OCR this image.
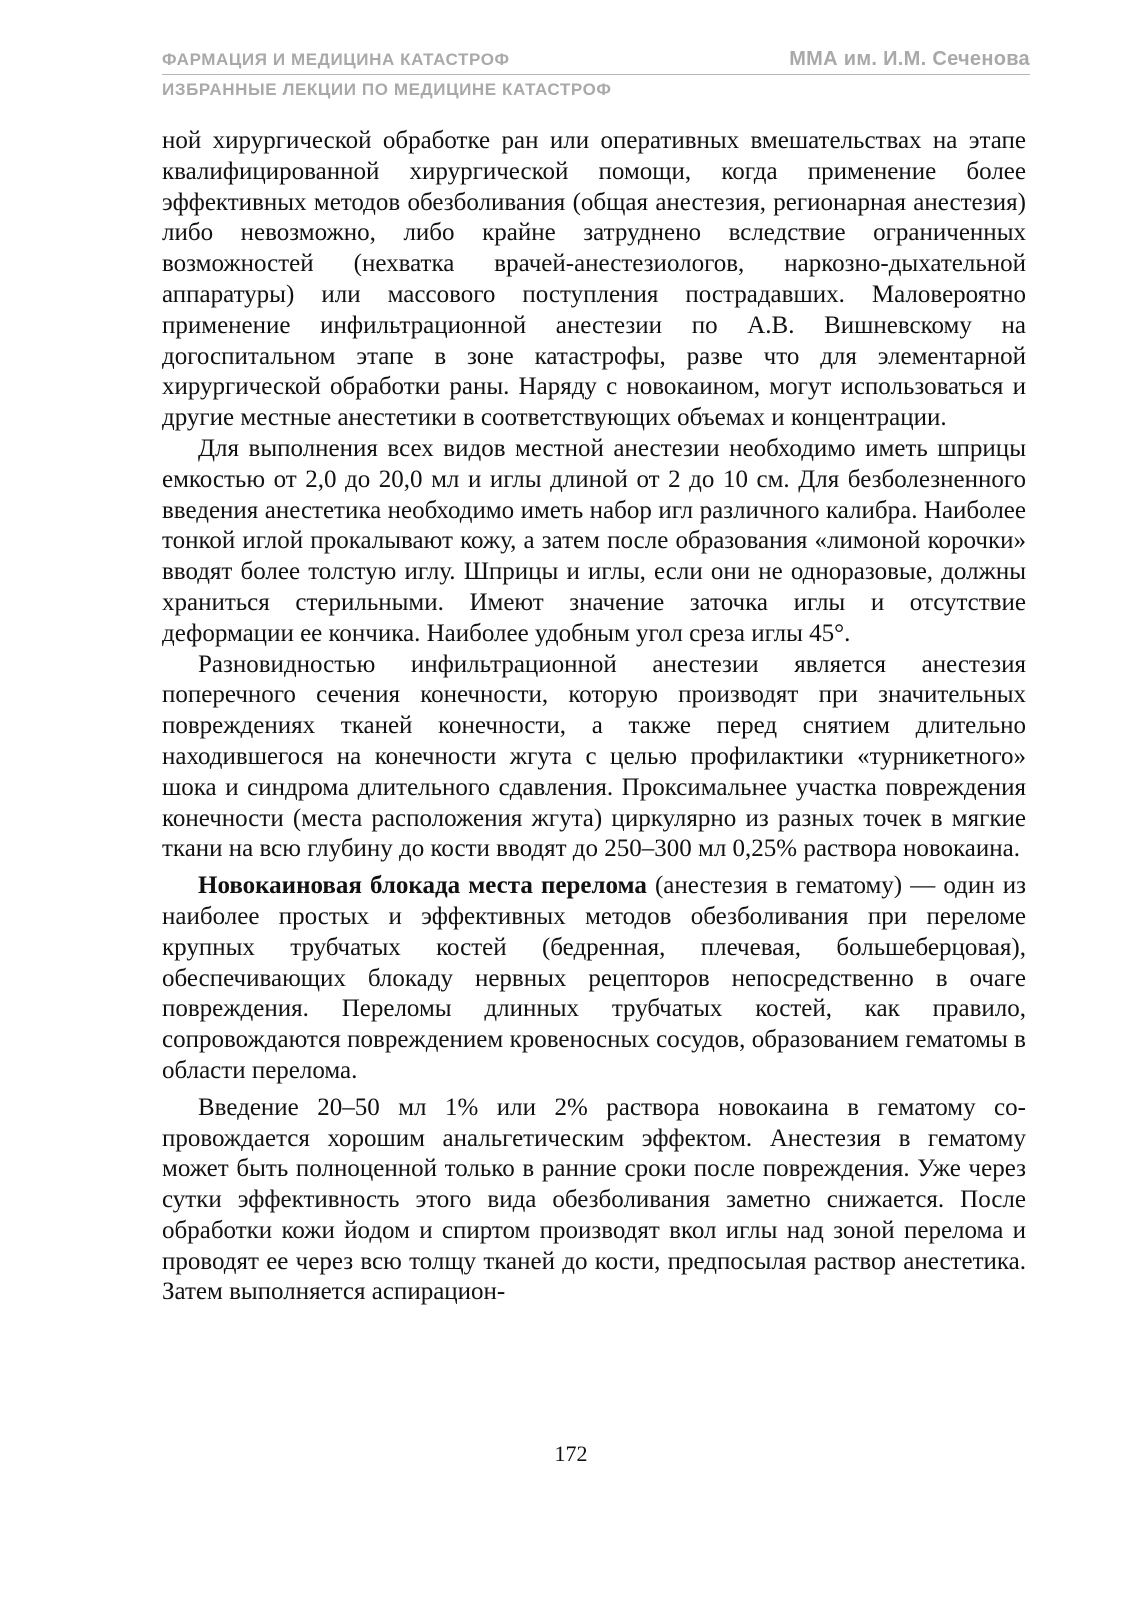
ФАРМАЦИЯ И МЕДИЦИНА КАТАСТРОФ	ММА им. И.М. Сеченова
ИЗБРАННЫЕ ЛЕКЦИИ ПО МЕДИЦИНЕ КАТАСТРОФ

ной хирургической обработке ран или оперативных вмешательствах на этапе квалифицированной хирургической помощи, когда применение более эффективных методов обезболивания (общая анестезия, регионарная анестезия) либо невозможно, либо крайне затруднено вследствие ограниченных возможностей (нехватка врачей-анестезиологов, наркозно-дыхательной аппаратуры) или массового поступления пострадавших. Маловероятно применение инфильтрационной анестезии по А.В. Вишневскому на догоспитальном этапе в зоне катастрофы, разве что для элементарной хирургической обработки раны. Наряду с новокаином, могут использоваться и другие местные анестетики в соответствующих объемах и концентрации.

Для выполнения всех видов местной анестезии необходимо иметь шприцы емкостью от 2,0 до 20,0 мл и иглы длиной от 2 до 10 см. Для безболезненного введения анестетика необходимо иметь набор игл различного калибра. Наиболее тонкой иглой прокалывают кожу, а затем после образования «лимоной корочки» вводят более толстую иглу. Шприцы и иглы, если они не одноразовые, должны храниться стерильными. Имеют значение заточка иглы и отсутствие деформации ее кончика. Наиболее удобным угол среза иглы 45°.

Разновидностью инфильтрационной анестезии является анестезия поперечного сечения конечности, которую производят при значительных повреждениях тканей конечности, а также перед снятием длительно находившегося на конечности жгута с целью профилактики «турникетного» шока и синдрома длительного сдавления. Проксимальнее участка повреждения конечности (места расположения жгута) циркулярно из разных точек в мягкие ткани на всю глубину до кости вводят до 250–300 мл 0,25% раствора новокаина.

Новокаиновая блокада места перелома (анестезия в гематому) — один из наиболее простых и эффективных методов обезболивания при переломе крупных трубчатых костей (бедренная, плечевая, большеберцовая), обеспечивающих блокаду нервных рецепторов непосредственно в очаге повреждения. Переломы длинных трубчатых костей, как правило, сопровождаются повреждением кровеносных сосудов, образованием гематомы в области перелома.

Введение 20–50 мл 1% или 2% раствора новокаина в гематому сопровождается хорошим анальгетическим эффектом. Анестезия в гематому может быть полноценной только в ранние сроки после повреждения. Уже через сутки эффективность этого вида обезболивания заметно снижается. После обработки кожи йодом и спиртом производят вкол иглы над зоной перелома и проводят ее через всю толщу тканей до кости, предпосылая раствор анестетика. Затем выполняется аспирацион-

172
